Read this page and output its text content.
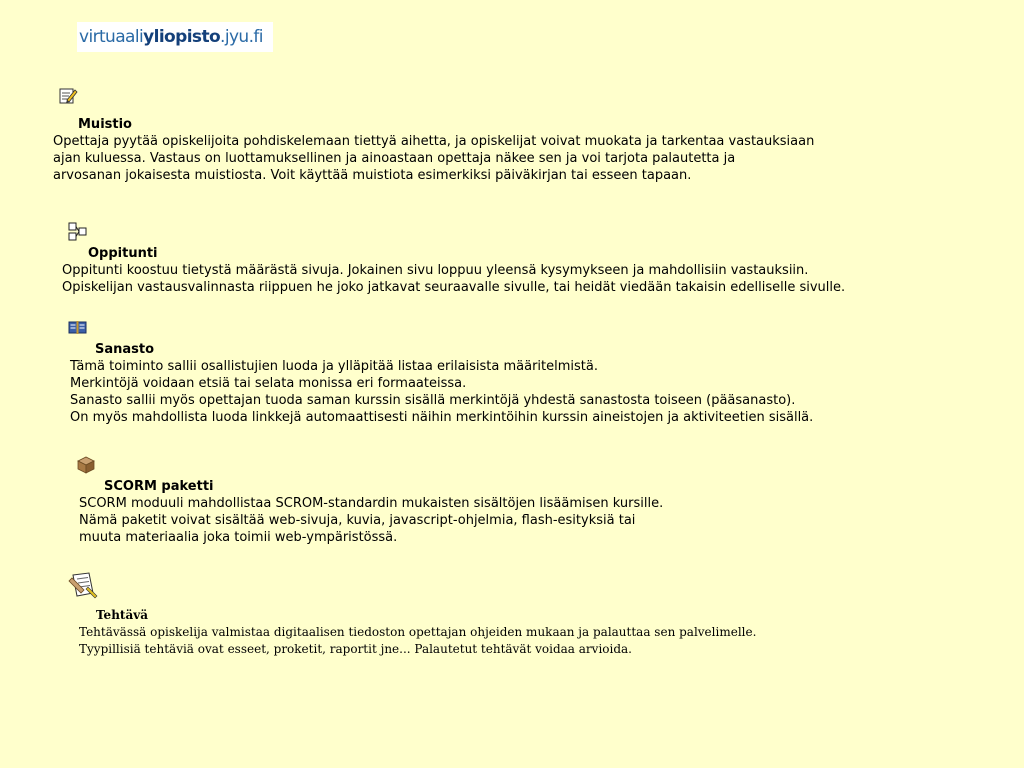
virtuaaliyliopisto.jyu.fi
Muistio
Opettaja pyytää opiskelijoita pohdiskelemaan tiettyä aihetta, ja opiskelijat voivat muokata ja tarkentaa vastauksiaan
ajan kuluessa. Vastaus on luottamuksellinen ja ainoastaan opettaja näkee sen ja voi tarjota palautetta ja
arvosanan jokaisesta muistiosta. Voit käyttää muistiota esimerkiksi päiväkirjan tai esseen tapaan.
Oppitunti
Oppitunti koostuu tietystä määrästä sivuja. Jokainen sivu loppuu yleensä kysymykseen ja mahdollisiin vastauksiin.
Opiskelijan vastausvalinnasta riippuen he joko jatkavat seuraavalle sivulle, tai heidät viedään takaisin edelliselle sivulle.
Sanasto
Tämä toiminto sallii osallistujien luoda ja ylläpitää listaa erilaisista määritelmistä.
Merkintöjä voidaan etsiä tai selata monissa eri formaateissa.
Sanasto sallii myös opettajan tuoda saman kurssin sisällä merkintöjä yhdestä sanastosta toiseen (pääsanasto).
On myös mahdollista luoda linkkejä automaattisesti näihin merkintöihin kurssin aineistojen ja aktiviteetien sisällä.
SCORM paketti
SCORM moduuli mahdollistaa SCROM-standardin mukaisten sisältöjen lisäämisen kursille.
Nämä paketit voivat sisältää web-sivuja, kuvia, javascript-ohjelmia, flash-esityksiä tai
muuta materiaalia joka toimii web-ympäristössä.
Tehtävä
Tehtävässä opiskelija valmistaa digitaalisen tiedoston opettajan ohjeiden mukaan ja palauttaa sen palvelimelle.
Tyypillisiä tehtäviä ovat esseet, proketit, raportit jne... Palautetut tehtävät voidaa arvioida.
